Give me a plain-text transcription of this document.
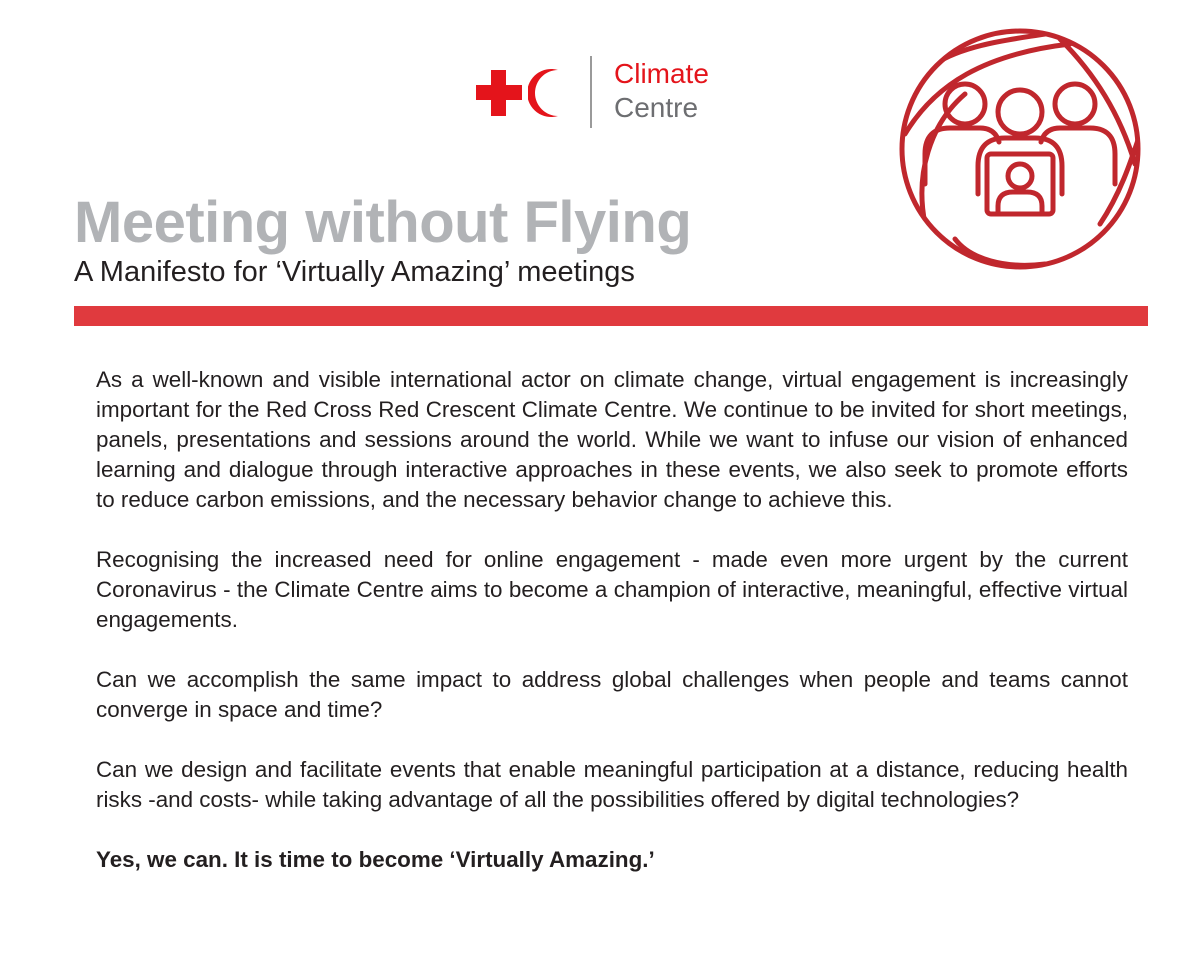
Climate
Centre
Meeting without Flying
A Manifesto for ‘Virtually Amazing’ meetings

As a well-known and visible international actor on climate change, virtual engagement is increasingly important for the Red Cross Red Crescent Climate Centre. We continue to be invited for short meetings, panels, presentations and sessions around the world. While we want to infuse our vision of enhanced learning and dialogue through interactive approaches in these events, we also seek to promote efforts to reduce carbon emissions, and the necessary behavior change to achieve this.

Recognising the increased need for online engagement - made even more urgent by the current Coronavirus - the Climate Centre aims to become a champion of interactive, meaningful, effective virtual engagements.

Can we accomplish the same impact to address global challenges when people and teams cannot converge in space and time?

Can we design and facilitate events that enable meaningful participation at a distance, reducing health risks -and costs- while taking advantage of all the possibilities offered by digital technologies?

Yes, we can. It is time to become ‘Virtually Amazing.’
